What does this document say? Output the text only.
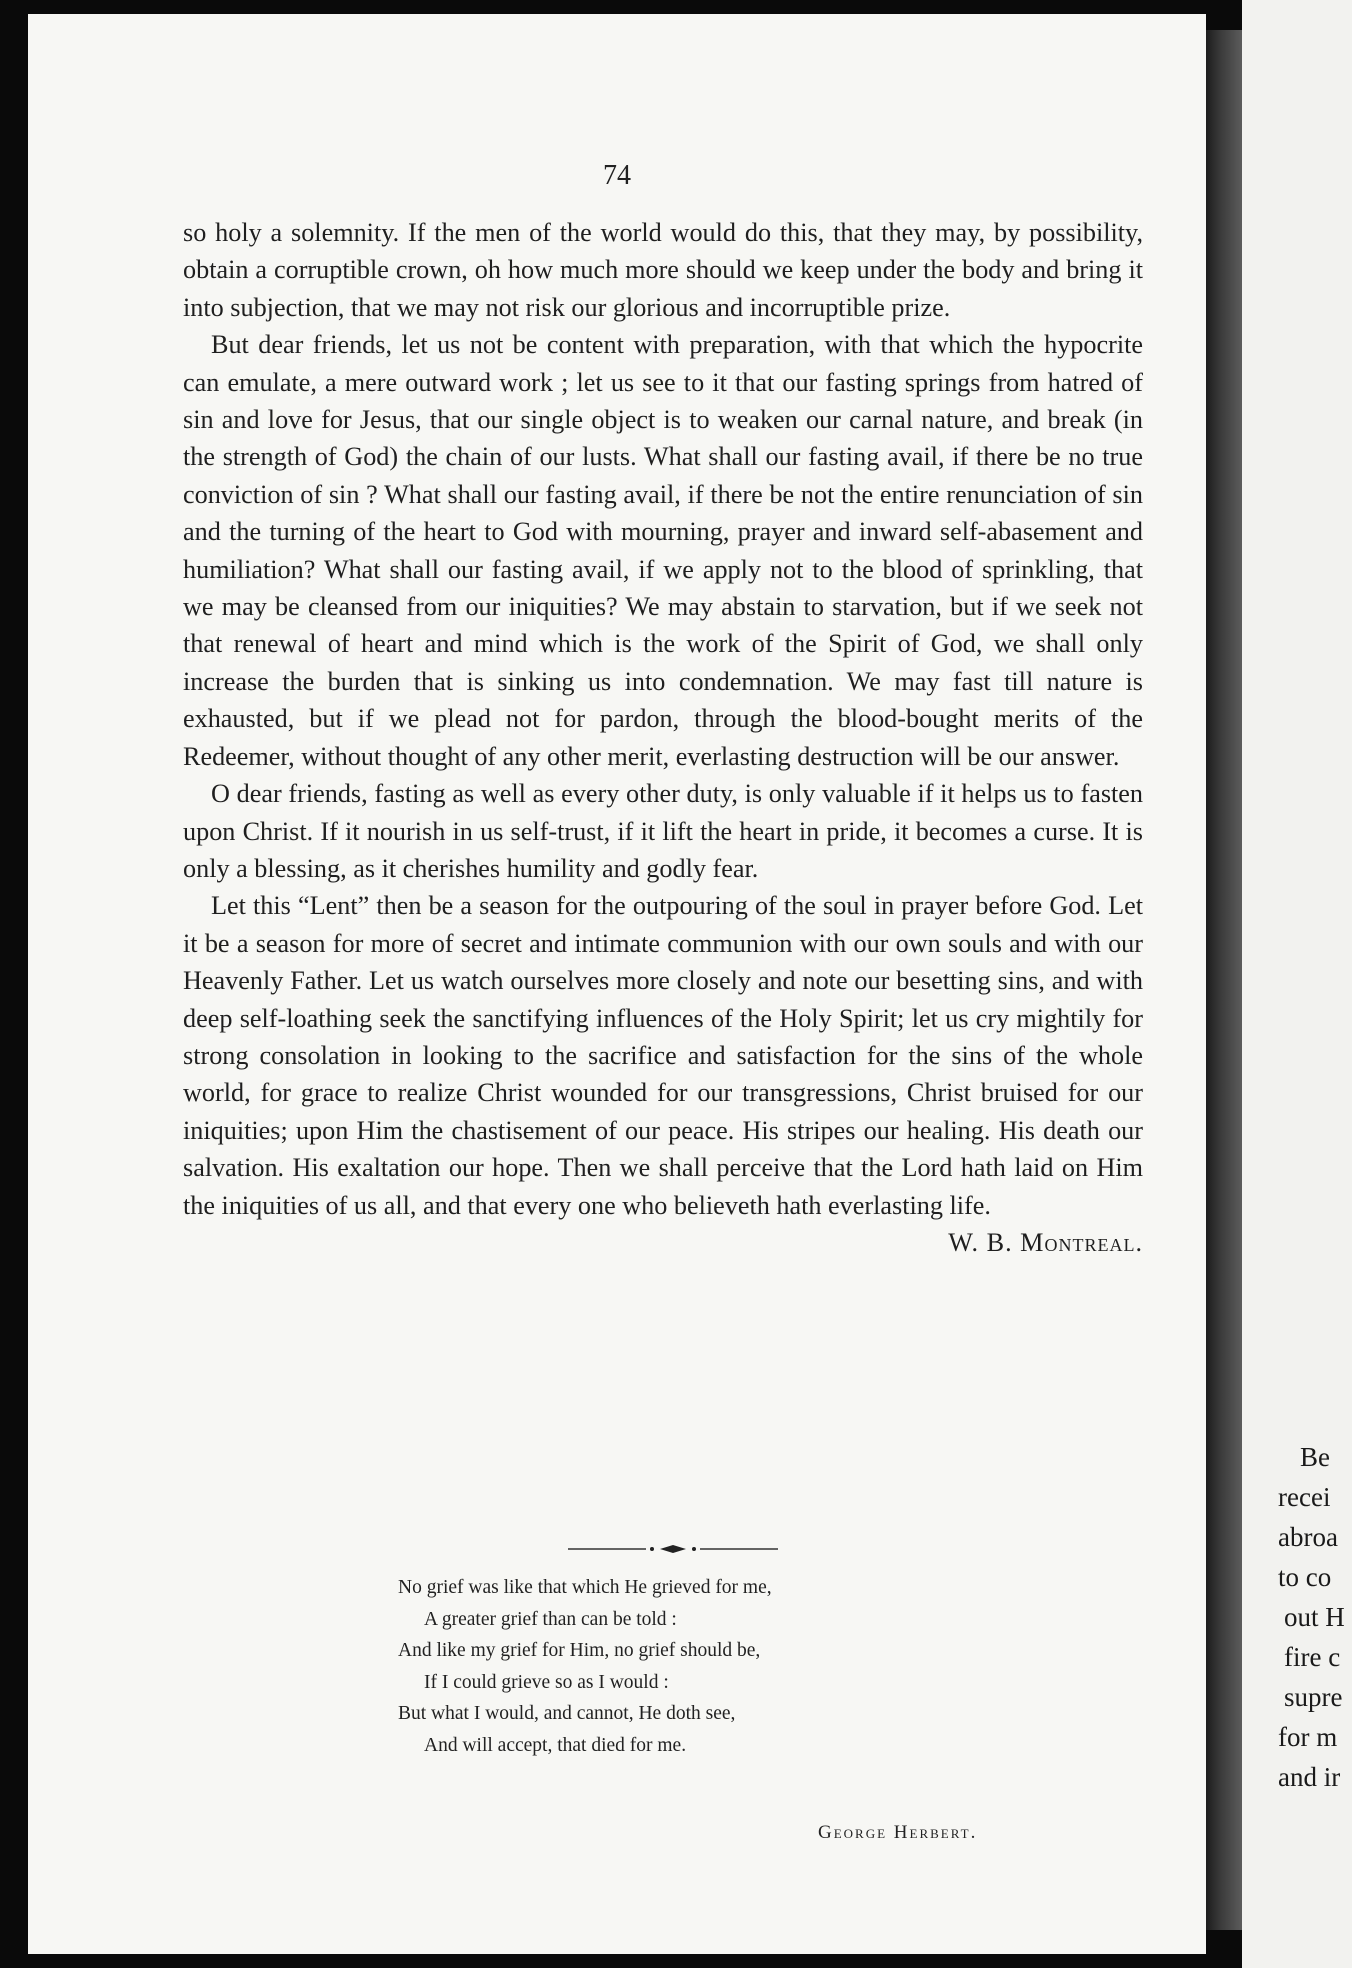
74

so holy a solemnity. If the men of the world would do this, that they may, by possibility, obtain a corruptible crown, oh how much more should we keep under the body and bring it into subjection, that we may not risk our glorious and incorruptible prize.

But dear friends, let us not be content with preparation, with that which the hypocrite can emulate, a mere outward work ; let us see to it that our fasting springs from hatred of sin and love for Jesus, that our single object is to weaken our carnal nature, and break (in the strength of God) the chain of our lusts. What shall our fasting avail, if there be no true conviction of sin ? What shall our fasting avail, if there be not the entire renunciation of sin and the turning of the heart to God with mourning, prayer and inward self-abasement and humiliation? What shall our fasting avail, if we apply not to the blood of sprinkling, that we may be cleansed from our iniquities? We may abstain to starvation, but if we seek not that renewal of heart and mind which is the work of the Spirit of God, we shall only increase the burden that is sinking us into condemnation. We may fast till nature is exhausted, but if we plead not for pardon, through the blood-bought merits of the Redeemer, without thought of any other merit, everlasting destruction will be our answer.

O dear friends, fasting as well as every other duty, is only valuable if it helps us to fasten upon Christ. If it nourish in us self-trust, if it lift the heart in pride, it becomes a curse. It is only a blessing, as it cherishes humility and godly fear.

Let this “Lent” then be a season for the outpouring of the soul in prayer before God. Let it be a season for more of secret and intimate communion with our own souls and with our Heavenly Father. Let us watch ourselves more closely and note our besetting sins, and with deep self-loathing seek the sanctifying influences of the Holy Spirit; let us cry mightily for strong consolation in looking to the sacrifice and satisfaction for the sins of the whole world, for grace to realize Christ wounded for our transgressions, Christ bruised for our iniquities; upon Him the chastisement of our peace. His stripes our healing. His death our salvation. His exaltation our hope. Then we shall perceive that the Lord hath laid on Him the iniquities of us all, and that every one who believeth hath everlasting life.
W. B. Montreal.

No grief was like that which He grieved for me,
A greater grief than can be told :
And like my grief for Him, no grief should be,
If I could grieve so as I would :
But what I would, and cannot, He doth see,
And will accept, that died for me.
George Herbert.
Be
recei
abroa
to co
out H
fire c
supre
for m
and ir
